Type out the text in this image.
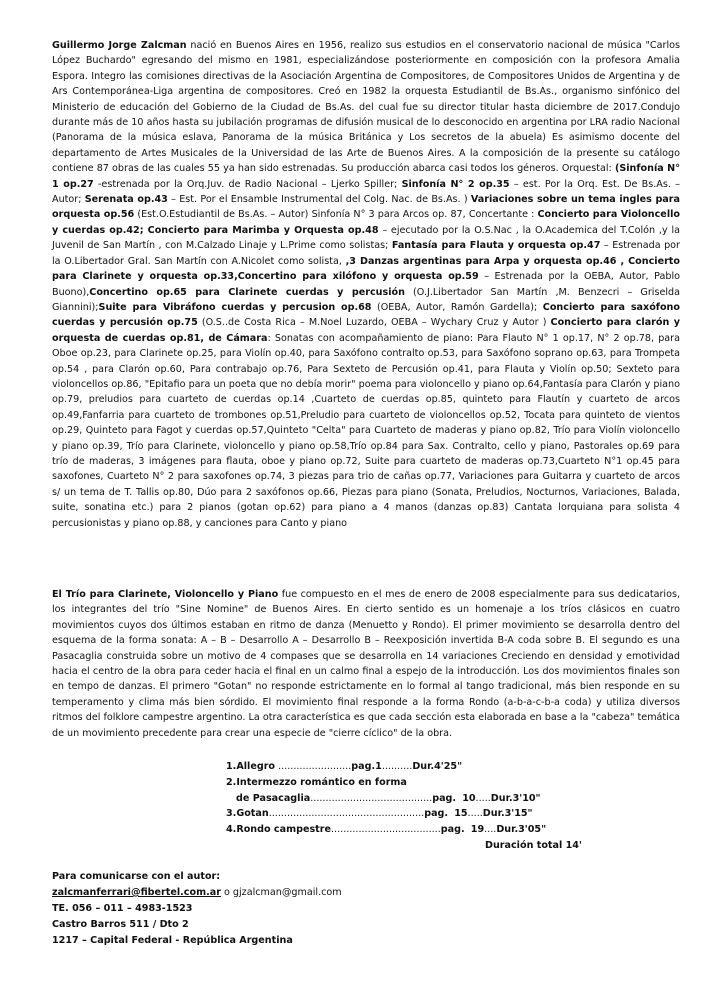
Guillermo Jorge Zalcman nació en Buenos Aires en 1956, realizo sus estudios en el conservatorio nacional de música "Carlos López Buchardo" egresando del mismo en 1981, especializándose posteriormente en composición con la profesora Amalia Espora. Integro las comisiones directivas de la Asociación Argentina de Compositores, de Compositores Unidos de Argentina y de Ars Contemporánea-Liga argentina de compositores. Creó en 1982 la orquesta Estudiantil de Bs.As., organismo sinfónico del Ministerio de educación del Gobierno de la Ciudad de Bs.As. del cual fue su director titular hasta diciembre de 2017.Condujo durante más de 10 años hasta su jubilación programas de difusión musical de lo desconocido en argentina por LRA radio Nacional (Panorama de la música eslava, Panorama de la música Británica y Los secretos de la abuela) Es asimismo docente del departamento de Artes Musicales de la Universidad de las Arte de Buenos Aires. A la composición de la presente su catálogo contiene 87 obras de las cuales 55 ya han sido estrenadas. Su producción abarca casi todos los géneros. Orquestal: (Sinfonía N° 1 op.27 -estrenada por la Orq.Juv. de Radio Nacional – Ljerko Spiller; Sinfonía N° 2 op.35 – est. Por la Orq. Est. De Bs.As. – Autor; Serenata op.43 – Est. Por el Ensamble Instrumental del Colg. Nac. de Bs.As. ) Variaciones sobre un tema ingles para orquesta op.56 (Est.O.Estudiantil de Bs.As. – Autor) Sinfonía N° 3 para Arcos op. 87, Concertante : Concierto para Violoncello y cuerdas op.42; Concierto para Marimba y Orquesta op.48 – ejecutado por la O.S.Nac , la O.Academica del T.Colón ,y la Juvenil de San Martín , con M.Calzado Linaje y L.Prime como solistas; Fantasía para Flauta y orquesta op.47 – Estrenada por la O.Libertador Gral. San Martín con A.Nicolet como solista, ,3 Danzas argentinas para Arpa y orquesta op.46 , Concierto para Clarinete y orquesta op.33,Concertino para xilófono y orquesta op.59 – Estrenada por la OEBA, Autor, Pablo Buono),Concertino op.65 para Clarinete cuerdas y percusión (O.J.Libertador San Martín ,M. Benzecri – Griselda Giannini);Suite para Vibráfono cuerdas y percusion op.68 (OEBA, Autor, Ramón Gardella); Concierto para saxófono cuerdas y percusión op.75 (O.S..de Costa Rica – M.Noel Luzardo, OEBA – Wychary Cruz y Autor ) Concierto para clarón y orquesta de cuerdas op.81, de Cámara: Sonatas con acompañamiento de piano: Para Flauto N° 1 op.17, N° 2 op.78, para Oboe op.23, para Clarinete op.25, para Violín op.40, para Saxófono contralto op.53, para Saxófono soprano op.63, para Trompeta op.54 , para Clarón op.60, Para contrabajo op.76, Para Sexteto de Percusión op.41, para Flauta y Violín op.50; Sexteto para violoncellos op.86, "Epitafio para un poeta que no debía morir" poema para violoncello y piano op.64,Fantasía para Clarón y piano op.79, preludios para cuarteto de cuerdas op.14 ,Cuarteto de cuerdas op.85, quinteto para Flautín y cuarteto de arcos op.49,Fanfarria para cuarteto de trombones op.51,Preludio para cuarteto de violoncellos op.52, Tocata para quinteto de vientos op.29, Quinteto para Fagot y cuerdas op.57,Quinteto "Celta" para Cuarteto de maderas y piano op.82, Trío para Violín violoncello y piano op.39, Trío para Clarinete, violoncello y piano op.58,Trío op.84 para Sax. Contralto, cello y piano, Pastorales op.69 para trío de maderas, 3 imágenes para flauta, oboe y piano op.72, Suite para cuarteto de maderas op.73,Cuarteto N°1 op.45 para saxofones, Cuarteto N° 2 para saxofones op.74, 3 piezas para trio de cañas op.77, Variaciones para Guitarra y cuarteto de arcos s/ un tema de T. Tallis op.80, Dúo para 2 saxófonos op.66, Piezas para piano (Sonata, Preludios, Nocturnos, Variaciones, Balada, suite, sonatina etc.) para 2 pianos (gotan op.62) para piano a 4 manos (danzas op.83) Cantata lorquiana para solista 4 percusionistas y piano op.88, y canciones para Canto y piano

El Trío para Clarinete, Violoncello y Piano fue compuesto en el mes de enero de 2008 especialmente para sus dedicatarios, los integrantes del trío "Sine Nomine" de Buenos Aires. En cierto sentido es un homenaje a los tríos clásicos en cuatro movimientos cuyos dos últimos estaban en ritmo de danza (Menuetto y Rondo). El primer movimiento se desarrolla dentro del esquema de la forma sonata: A – B – Desarrollo A – Desarrollo B – Reexposición invertida B-A coda sobre B. El segundo es una Pasacaglia construida sobre un motivo de 4 compases que se desarrolla en 14 variaciones Creciendo en densidad y emotividad hacia el centro de la obra para ceder hacia el final en un calmo final a espejo de la introducción. Los dos movimientos finales son en tempo de danzas. El primero "Gotan" no responde estrictamente en lo formal al tango tradicional, más bien responde en su temperamento y clima más bien sórdido. El movimiento final responde a la forma Rondo (a-b-a-c-b-a coda) y utiliza diversos ritmos del folklore campestre argentino. La otra característica es que cada sección esta elaborada en base a la "cabeza" temática de un movimiento precedente para crear una especie de "cierre cíclico" de la obra.

1.Allegro ........................pag.1..........Dur.4'25"
2.Intermezzo romántico en forma
de Pasacaglia........................................pag. 10.....Dur.3'10"
3.Gotan...................................................pag. 15.....Dur.3'15"
4.Rondo campestre....................................pag. 19....Dur.3'05"
Duración total 14'
Para comunicarse con el autor:
zalcmanferrari@fibertel.com.ar o gjzalcman@gmail.com
TE. 056 – 011 – 4983-1523
Castro Barros 511 / Dto 2
1217 – Capital Federal - República Argentina
